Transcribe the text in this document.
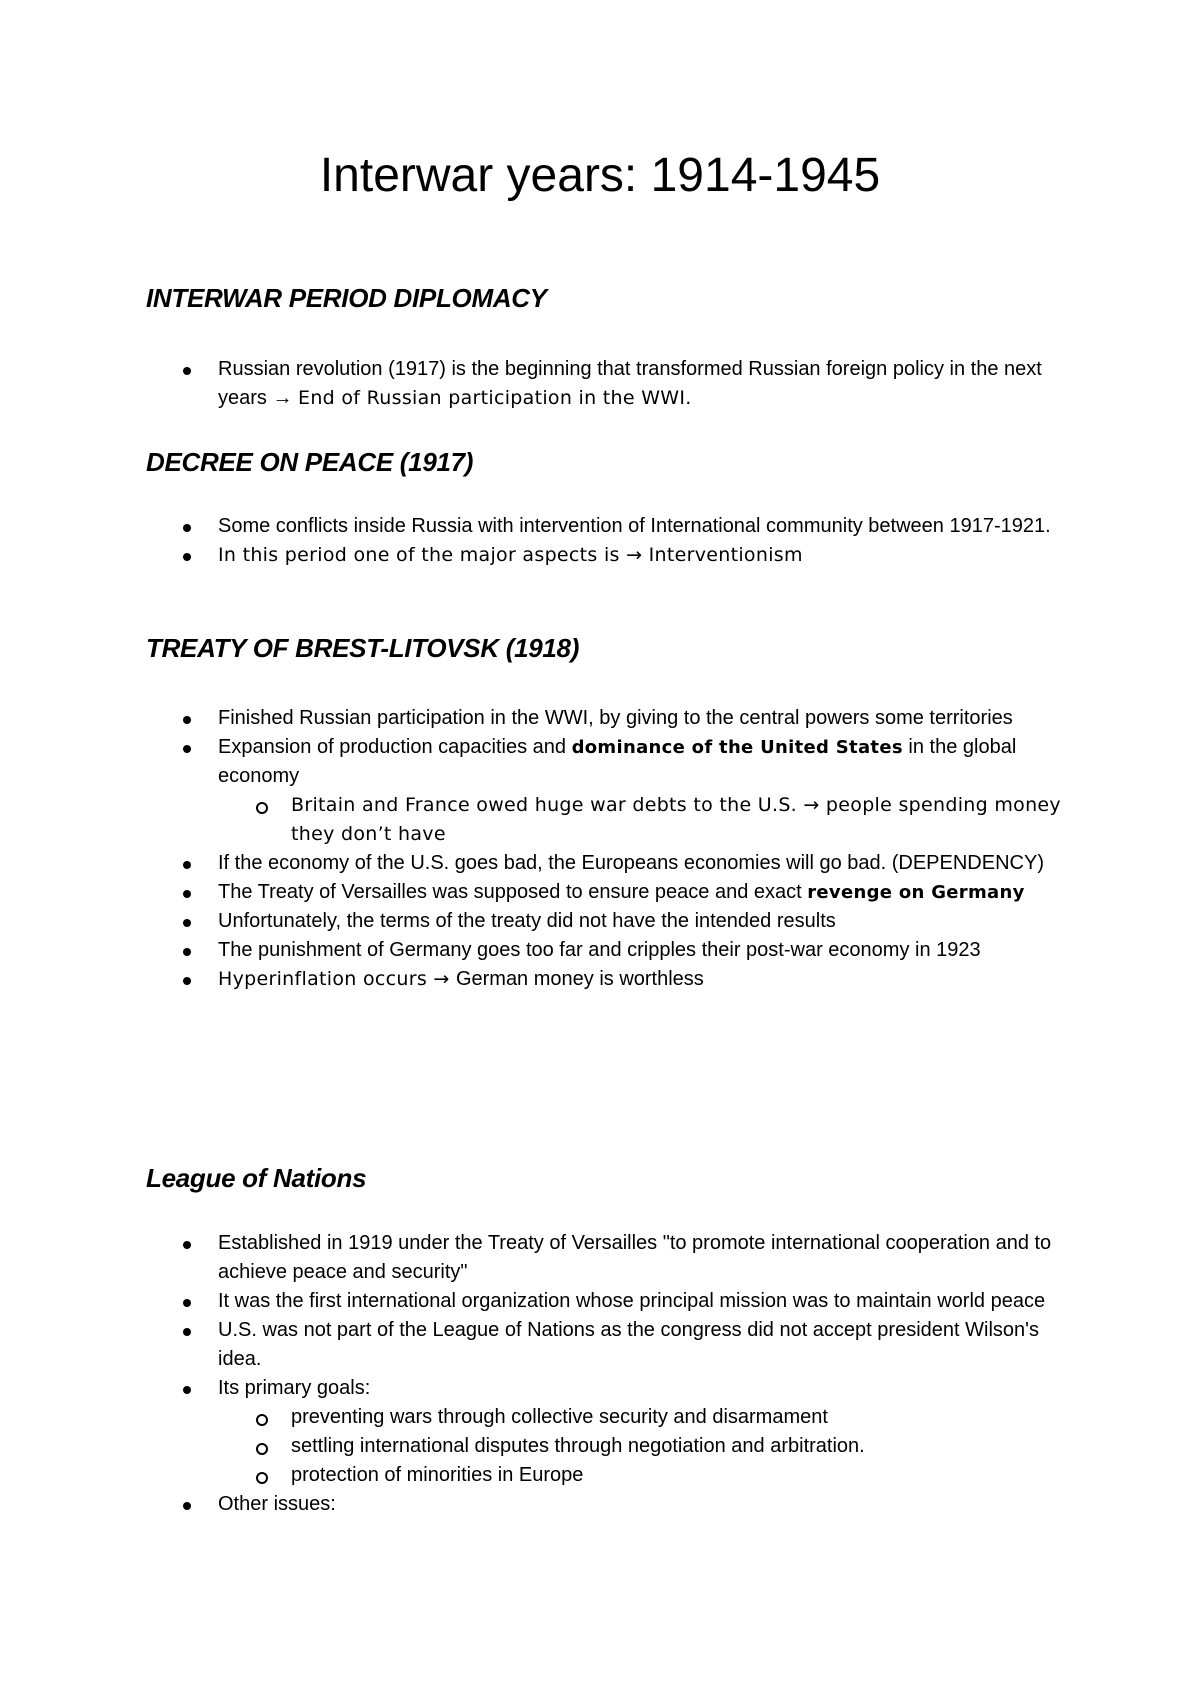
Interwar years: 1914-1945
INTERWAR PERIOD DIPLOMACY
Russian revolution (1917) is the beginning that transformed Russian foreign policy in the next years → End of Russian participation in the WWI.
DECREE ON PEACE (1917)
Some conflicts inside Russia with intervention of International community between 1917-1921.
In this period one of the major aspects is → Interventionism
TREATY OF BREST-LITOVSK (1918)
Finished Russian participation in the WWI, by giving to the central powers some territories
Expansion of production capacities and dominance of the United States in the global economy
Britain and France owed huge war debts to the U.S. → people spending money they don’t have
If the economy of the U.S. goes bad, the Europeans economies will go bad. (DEPENDENCY)
The Treaty of Versailles was supposed to ensure peace and exact revenge on Germany
Unfortunately, the terms of the treaty did not have the intended results
The punishment of Germany goes too far and cripples their post-war economy in 1923
Hyperinflation occurs → German money is worthless
League of Nations
Established in 1919 under the Treaty of Versailles "to promote international cooperation and to achieve peace and security"
It was the first international organization whose principal mission was to maintain world peace
U.S. was not part of the League of Nations as the congress did not accept president Wilson's idea.
Its primary goals:
preventing wars through collective security and disarmament
settling international disputes through negotiation and arbitration.
protection of minorities in Europe
Other issues:
